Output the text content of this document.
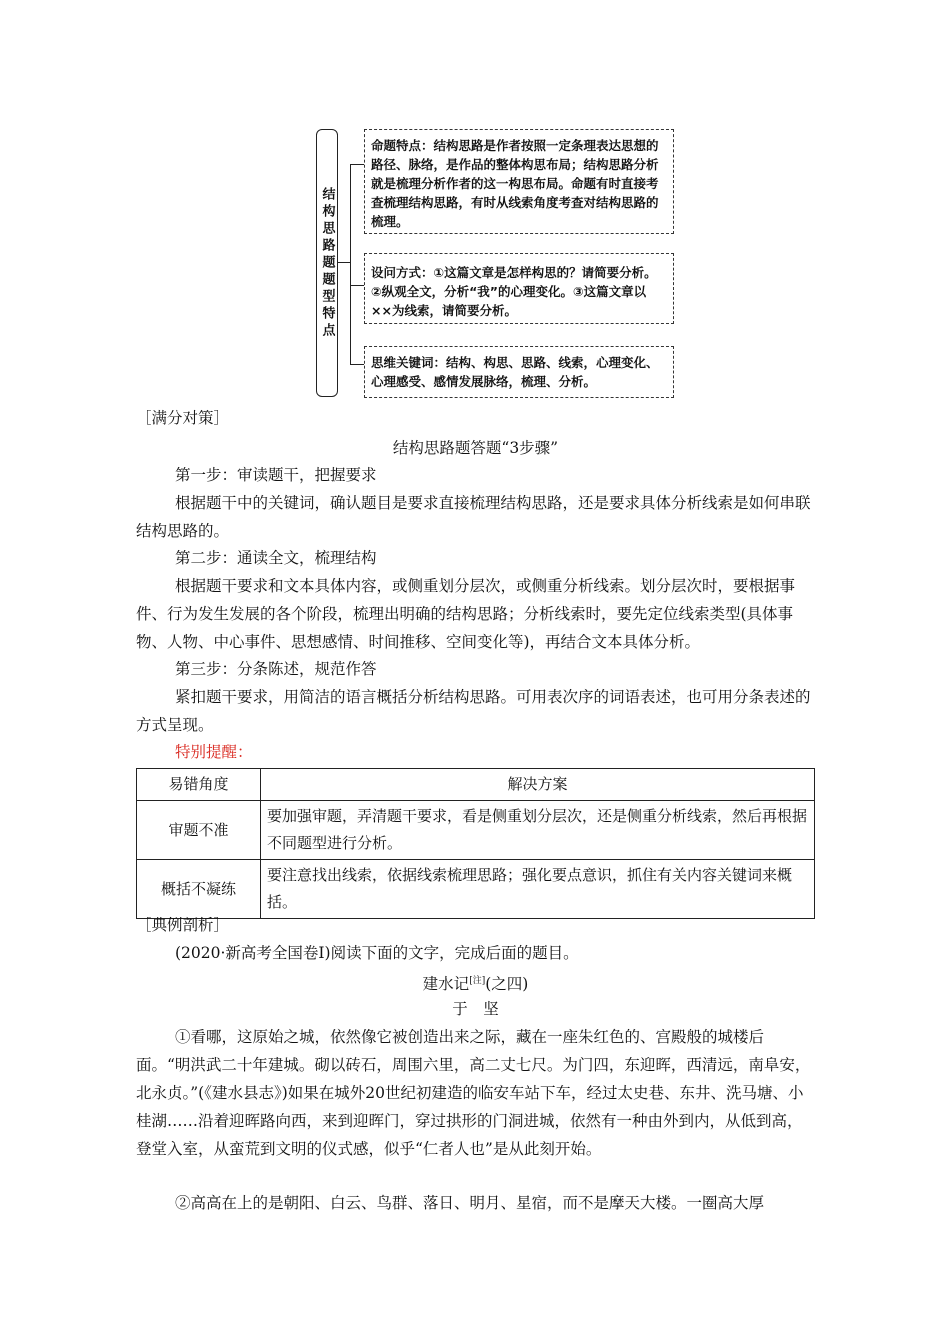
结构思路题题型特点
命题特点：结构思路是作者按照一定条理表达思想的路径、脉络，是作品的整体构思布局；结构思路分析就是梳理分析作者的这一构思布局。命题有时直接考查梳理结构思路，有时从线索角度考查对结构思路的梳理。
设问方式：①这篇文章是怎样构思的？请简要分析。②纵观全文，分析“我”的心理变化。③这篇文章以××为线索，请简要分析。
思维关键词：结构、构思、思路、线索，心理变化、心理感受、感情发展脉络，梳理、分析。
［满分对策］
结构思路题答题“3步骤”
第一步：审读题干，把握要求
根据题干中的关键词，确认题目是要求直接梳理结构思路，还是要求具体分析线索是如何串联结构思路的。
第二步：通读全文，梳理结构
根据题干要求和文本具体内容，或侧重划分层次，或侧重分析线索。划分层次时，要根据事件、行为发生发展的各个阶段，梳理出明确的结构思路；分析线索时，要先定位线索类型(具体事物、人物、中心事件、思想感情、时间推移、空间变化等)，再结合文本具体分析。
第三步：分条陈述，规范作答
紧扣题干要求，用简洁的语言概括分析结构思路。可用表次序的词语表述，也可用分条表述的方式呈现。
特别提醒：
易错角度	解决方案
审题不准	要加强审题，弄清题干要求，看是侧重划分层次，还是侧重分析线索，然后再根据不同题型进行分析。
概括不凝练	要注意找出线索，依据线索梳理思路；强化要点意识，抓住有关内容关键词来概括。
［典例剖析］
(2020·新高考全国卷Ⅰ)阅读下面的文字，完成后面的题目。
建水记[注](之四)
于　坚
①看哪，这原始之城，依然像它被创造出来之际，藏在一座朱红色的、宫殿般的城楼后面。“明洪武二十年建城。砌以砖石，周围六里，高二丈七尺。为门四，东迎晖，西清远，南阜安，北永贞。”(《建水县志》)如果在城外20世纪初建造的临安车站下车，经过太史巷、东井、洗马塘、小桂湖……沿着迎晖路向西，来到迎晖门，穿过拱形的门洞进城，依然有一种由外到内，从低到高，登堂入室，从蛮荒到文明的仪式感，似乎“仁者人也”是从此刻开始。
②高高在上的是朝阳、白云、鸟群、落日、明月、星宿，而不是摩天大楼。一圈高大厚
